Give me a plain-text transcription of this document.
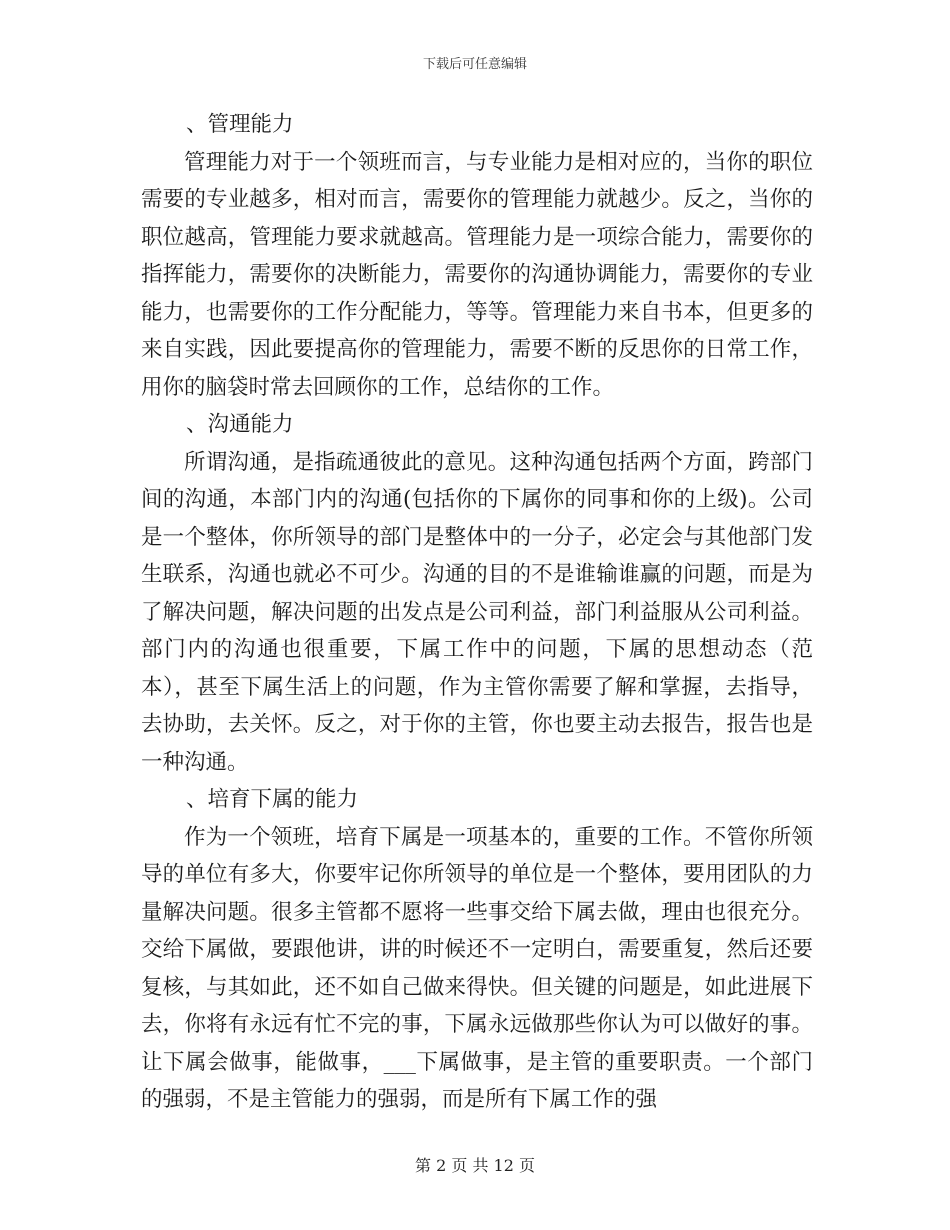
下载后可任意编辑

、管理能力

管理能力对于一个领班而言，与专业能力是相对应的，当你的职位需要的专业越多，相对而言，需要你的管理能力就越少。反之，当你的职位越高，管理能力要求就越高。管理能力是一项综合能力，需要你的指挥能力，需要你的决断能力，需要你的沟通协调能力，需要你的专业能力，也需要你的工作分配能力，等等。管理能力来自书本，但更多的来自实践，因此要提高你的管理能力，需要不断的反思你的日常工作，用你的脑袋时常去回顾你的工作，总结你的工作。

、沟通能力

所谓沟通，是指疏通彼此的意见。这种沟通包括两个方面，跨部门间的沟通，本部门内的沟通(包括你的下属你的同事和你的上级)。公司是一个整体，你所领导的部门是整体中的一分子，必定会与其他部门发生联系，沟通也就必不可少。沟通的目的不是谁输谁赢的问题，而是为了解决问题，解决问题的出发点是公司利益，部门利益服从公司利益。部门内的沟通也很重要，下属工作中的问题，下属的思想动态（范本），甚至下属生活上的问题，作为主管你需要了解和掌握，去指导，去协助，去关怀。反之，对于你的主管，你也要主动去报告，报告也是一种沟通。

、培育下属的能力

作为一个领班，培育下属是一项基本的，重要的工作。不管你所领导的单位有多大，你要牢记你所领导的单位是一个整体，要用团队的力量解决问题。很多主管都不愿将一些事交给下属去做，理由也很充分。交给下属做，要跟他讲，讲的时候还不一定明白，需要重复，然后还要复核，与其如此，还不如自己做来得快。但关键的问题是，如此进展下去，你将有永远有忙不完的事，下属永远做那些你认为可以做好的事。让下属会做事，能做事，___下属做事，是主管的重要职责。一个部门的强弱，不是主管能力的强弱，而是所有下属工作的强

第 2 页 共 12 页
